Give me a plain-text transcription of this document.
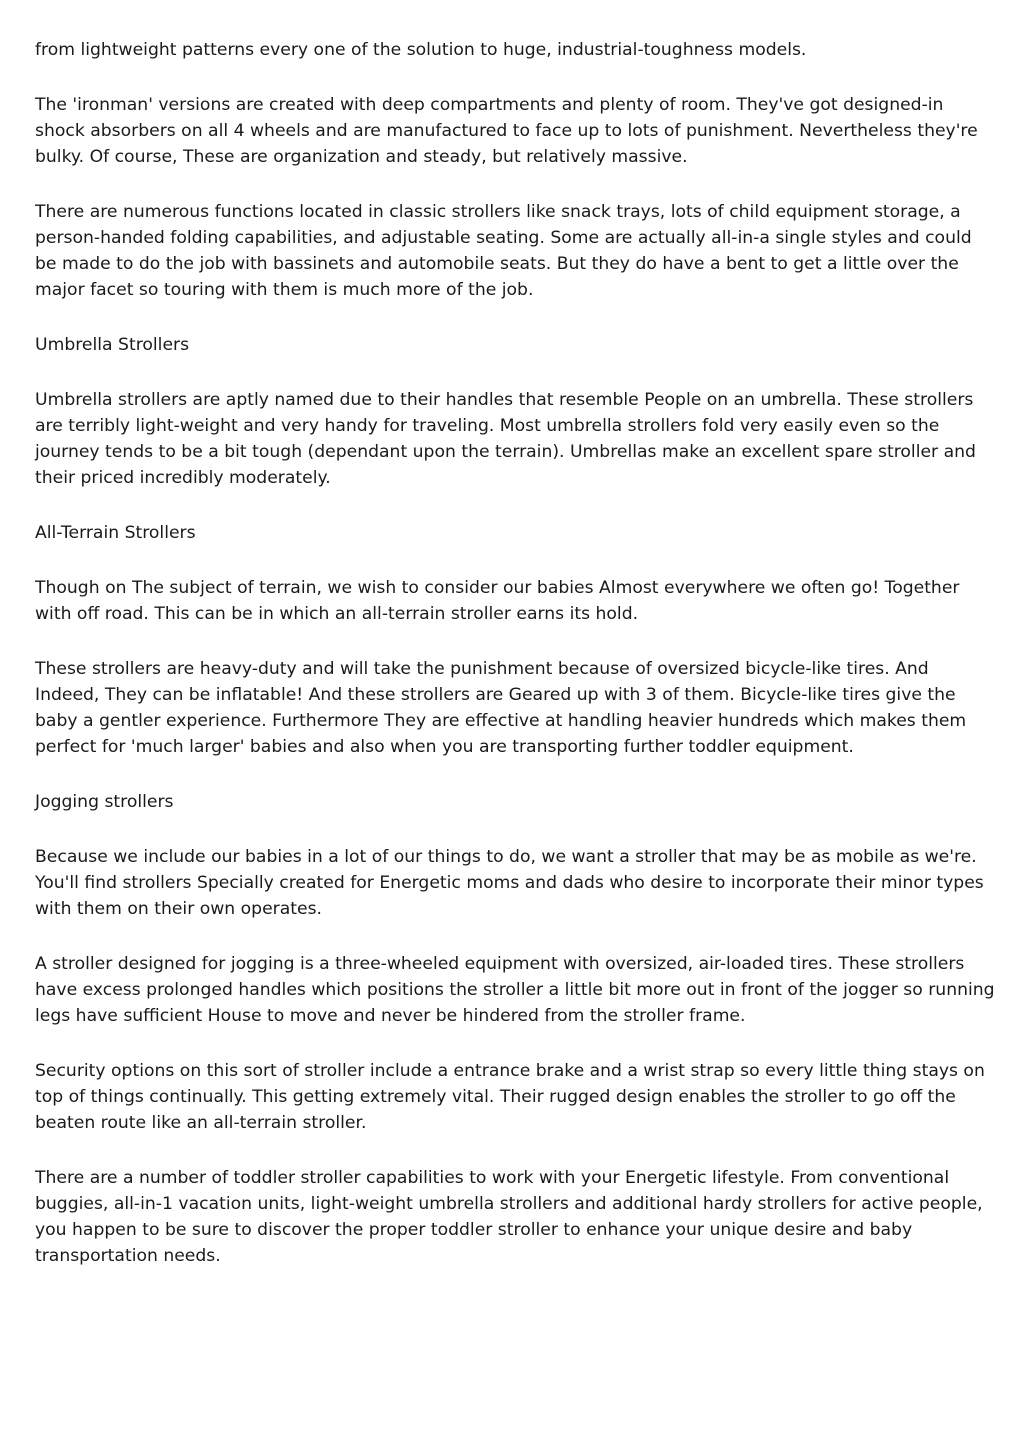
from lightweight patterns every one of the solution to huge, industrial-toughness models.

The 'ironman' versions are created with deep compartments and plenty of room. They've got designed-in shock absorbers on all 4 wheels and are manufactured to face up to lots of punishment. Nevertheless they're bulky. Of course, These are organization and steady, but relatively massive.

There are numerous functions located in classic strollers like snack trays, lots of child equipment storage, a person-handed folding capabilities, and adjustable seating. Some are actually all-in-a single styles and could be made to do the job with bassinets and automobile seats. But they do have a bent to get a little over the major facet so touring with them is much more of the job.

Umbrella Strollers

Umbrella strollers are aptly named due to their handles that resemble People on an umbrella. These strollers are terribly light-weight and very handy for traveling. Most umbrella strollers fold very easily even so the journey tends to be a bit tough (dependant upon the terrain). Umbrellas make an excellent spare stroller and their priced incredibly moderately.

All-Terrain Strollers

Though on The subject of terrain, we wish to consider our babies Almost everywhere we often go! Together with off road. This can be in which an all-terrain stroller earns its hold.

These strollers are heavy-duty and will take the punishment because of oversized bicycle-like tires. And Indeed, They can be inflatable! And these strollers are Geared up with 3 of them. Bicycle-like tires give the baby a gentler experience. Furthermore They are effective at handling heavier hundreds which makes them perfect for 'much larger' babies and also when you are transporting further toddler equipment.

Jogging strollers

Because we include our babies in a lot of our things to do, we want a stroller that may be as mobile as we're. You'll find strollers Specially created for Energetic moms and dads who desire to incorporate their minor types with them on their own operates.

A stroller designed for jogging is a three-wheeled equipment with oversized, air-loaded tires. These strollers have excess prolonged handles which positions the stroller a little bit more out in front of the jogger so running legs have sufficient House to move and never be hindered from the stroller frame.

Security options on this sort of stroller include a entrance brake and a wrist strap so every little thing stays on top of things continually. This getting extremely vital. Their rugged design enables the stroller to go off the beaten route like an all-terrain stroller.

There are a number of toddler stroller capabilities to work with your Energetic lifestyle. From conventional buggies, all-in-1 vacation units, light-weight umbrella strollers and additional hardy strollers for active people, you happen to be sure to discover the proper toddler stroller to enhance your unique desire and baby transportation needs.
